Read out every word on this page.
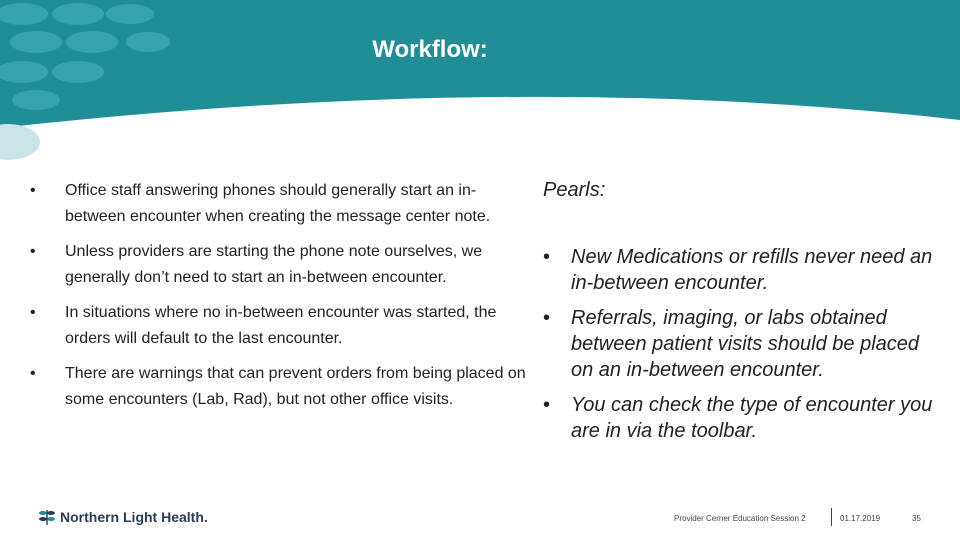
Workflow:
• Office staff answering phones should generally start an in-between encounter when creating the message center note.
• Unless providers are starting the phone note ourselves, we generally don’t need to start an in-between encounter.
• In situations where no in-between encounter was started, the orders will default to the last encounter.
• There are warnings that can prevent orders from being placed on some encounters (Lab, Rad), but not other office visits.
Pearls:
• New Medications or refills never need an in-between encounter.
• Referrals, imaging, or labs obtained between patient visits should be placed on an in-between encounter.
• You can check the type of encounter you are in via the toolbar.
Northern Light Health.	Provider Cerner Education Session 2	01.17.2019	35
